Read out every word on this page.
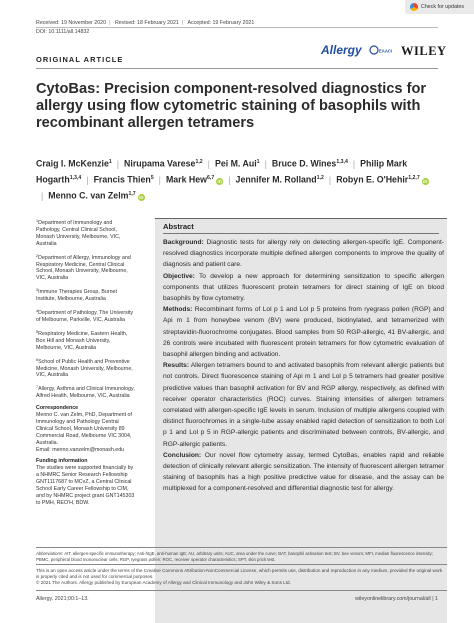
Received: 19 November 2020 | Revised: 18 February 2021 | Accepted: 19 February 2021
DOI: 10.1111/all.14832
Check for updates
ORIGINAL ARTICLE
Allergy	EAACI WILEY
CytoBas: Precision component-resolved diagnostics for allergy using flow cytometric staining of basophils with recombinant allergen tetramers
Craig I. McKenzie$^1$ | Nirupama Varese$^{1,2}$ | Pei M. Aui$^1$ | Bruce D. Wines$^{1,3,4}$ | Philip Mark Hogarth$^{1,3,4}$ | Francis Thien$^5$ | Mark Hew$^{6,7}$ iD | Jennifer M. Rolland$^{1,2}$ | Robyn E. O'Hehir$^{1,2,7}$ iD| Menno C. van Zelm$^{1,7}$ iD
$^1$Department of Immunology and Pathology, Central Clinical School, Monash University, Melbourne, VIC, Australia
$^2$Department of Allergy, Immunology and Respiratory Medicine, Central Clinical School, Monash University, Melbourne, VIC, Australia
$^3$Immune Therapies Group, Burnet Institute, Melbourne, Australia
$^4$Department of Pathology, The University of Melbourne, Parkville, VIC, Australia
$^5$Respiratory Medicine, Eastern Health, Box Hill and Monash University, Melbourne, VIC, Australia
$^6$School of Public Health and Preventive Medicine, Monash University, Melbourne, VIC, Australia
$^7$Allergy, Asthma and Clinical Immunology, Alfred Health, Melbourne, VIC, Australia
Correspondence
Menno C. van Zelm, PhD, Department of Immunology and Pathology Central Clinical School, Monash University 89 Commercial Road, Melbourne VIC 3004, Australia.
Email: menno.vanzelm@monash.edu
Funding information
The studies were supported financially by a NHMRC Senior Research Fellowship GNT1117687 to MCvZ, a Central Clinical School Early Career Fellowship to CIM, and by NHMRC project grant GNT145303 to PMH, REO'H, BDW.
Abstract

Background: Diagnostic tests for allergy rely on detecting allergen-specific IgE. Component-resolved diagnostics incorporate multiple defined allergen components to improve the quality of diagnosis and patient care.

Objective: To develop a new approach for determining sensitization to specific allergen components that utilizes fluorescent protein tetramers for direct staining of IgE on blood basophils by flow cytometry.

Methods: Recombinant forms of Lol p 1 and Lol p 5 proteins from ryegrass pollen (RGP) and Api m 1 from honeybee venom (BV) were produced, biotinylated, and tetramerized with streptavidin-fluorochrome conjugates. Blood samples from 50 RGP-allergic, 41 BV-allergic, and 26 controls were incubated with fluorescent protein tetramers for flow cytometric evaluation of basophil allergen binding and activation.

Results: Allergen tetramers bound to and activated basophils from relevant allergic patients but not controls. Direct fluorescence staining of Api m 1 and Lol p 5 tetramers had greater positive predictive values than basophil activation for BV and RGP allergy, respectively, as defined with receiver operator characteristics (ROC) curves. Staining intensities of allergen tetramers correlated with allergen-specific IgE levels in serum. Inclusion of multiple allergens coupled with distinct fluorochromes in a single-tube assay enabled rapid detection of sensitization to both Lol p 1 and Lol p 5 in RGP-allergic patients and discriminated between controls, BV-allergic, and RGP-allergic patients.

Conclusion: Our novel flow cytometry assay, termed CytoBas, enables rapid and reliable detection of clinically relevant allergic sensitization. The intensity of fluorescent allergen tetramer staining of basophils has a high positive predictive value for disease, and the assay can be multiplexed for a component-resolved and differential diagnostic test for allergy.

Abbreviations: AIT, allergen-specific immunotherapy; Anti-hIgE, anti-human IgE; AU, arbitrary units; AUC, area under the curve; BAT, basophil activation test; BV, bee venom; MFI, median fluorescence intensity; PBMC, peripheral blood mononuclear cells; RGP, ryegrass pollen; ROC, receiver operator characteristics; SPT, skin prick test.
This is an open access article under the terms of the Creative Commons Attribution-NonCommercial License, which permits use, distribution and reproduction in any medium, provided the original work is properly cited and is not used for commercial purposes.
© 2021 The Authors. Allergy published by European Academy of Allergy and Clinical Immunology and John Wiley & Sons Ltd.
Allergy. 2021;00:1–13.	wileyonlinelibrary.com/journal/all | 1
